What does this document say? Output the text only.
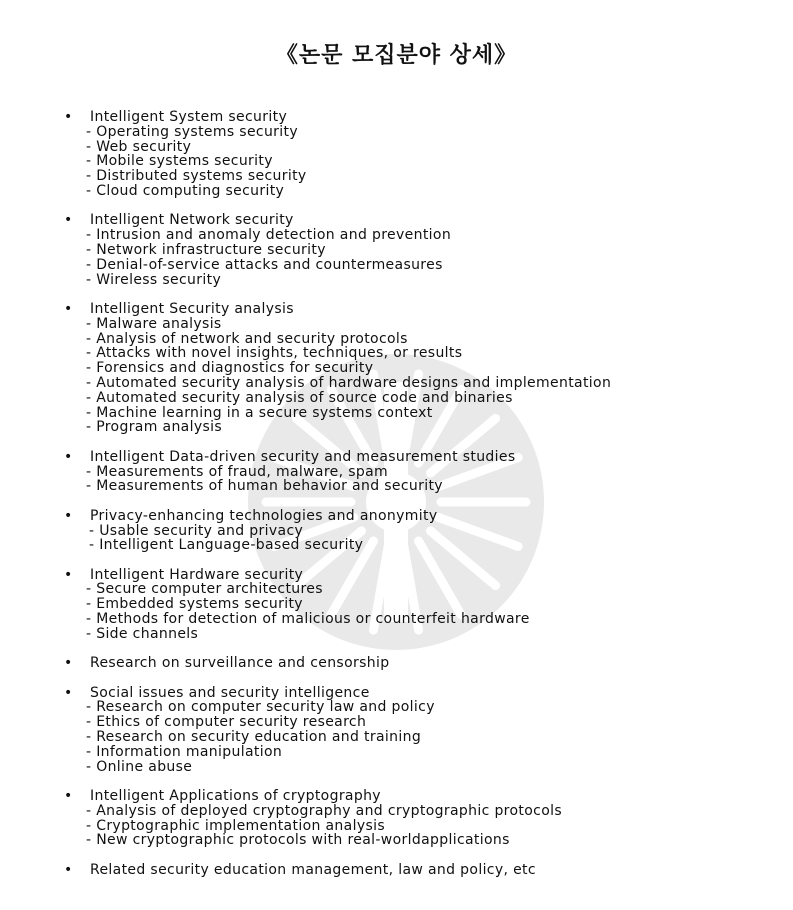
《논문 모집분야 상세》
• Intelligent System security
- Operating systems security
- Web security
- Mobile systems security
- Distributed systems security
- Cloud computing security
• Intelligent Network security
- Intrusion and anomaly detection and prevention
- Network infrastructure security
- Denial-of-service attacks and countermeasures
- Wireless security
• Intelligent Security analysis
- Malware analysis
- Analysis of network and security protocols
- Attacks with novel insights, techniques, or results
- Forensics and diagnostics for security
- Automated security analysis of hardware designs and implementation
- Automated security analysis of source code and binaries
- Machine learning in a secure systems context
- Program analysis
• Intelligent Data-driven security and measurement studies
- Measurements of fraud, malware, spam
- Measurements of human behavior and security
• Privacy-enhancing technologies and anonymity
- Usable security and privacy
- Intelligent Language-based security
• Intelligent Hardware security
- Secure computer architectures
- Embedded systems security
- Methods for detection of malicious or counterfeit hardware
- Side channels
• Research on surveillance and censorship
• Social issues and security intelligence
- Research on computer security law and policy
- Ethics of computer security research
- Research on security education and training
- Information manipulation
- Online abuse
• Intelligent Applications of cryptography
- Analysis of deployed cryptography and cryptographic protocols
- Cryptographic implementation analysis
- New cryptographic protocols with real-worldapplications
• Related security education management, law and policy, etc
